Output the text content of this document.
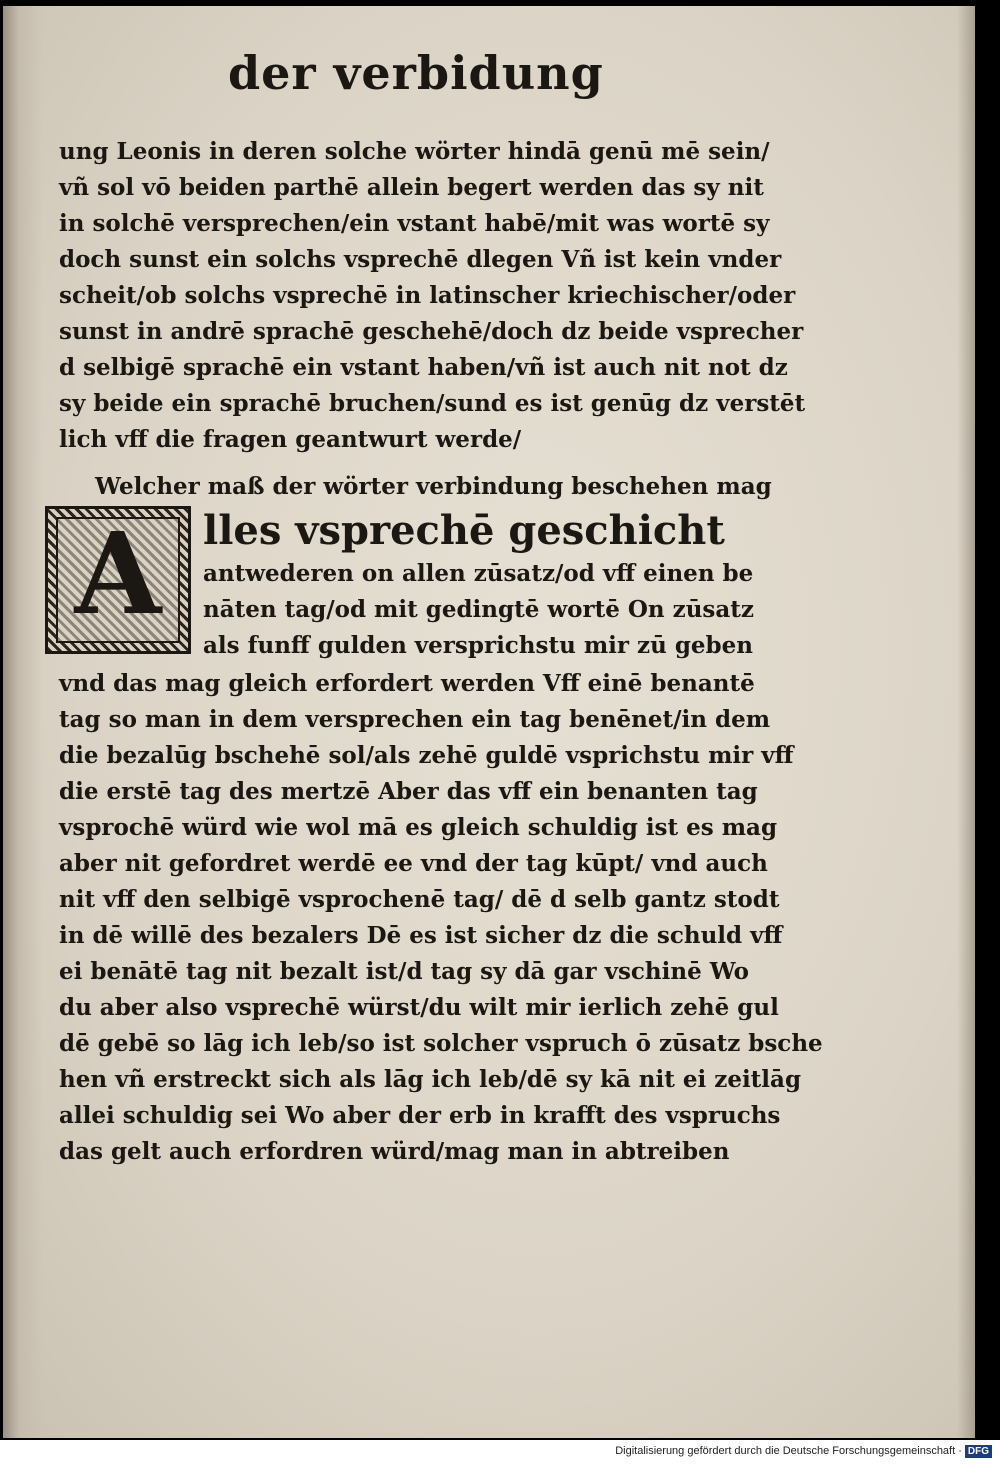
der verbidung
ung Leonis in deren solche wörter hindā genū mē sein/
vñ sol vō beiden parthē allein begert werden das sy nit
in solchē versprechen/ein vstant habē/mit was wortē sy
doch sunst ein solchs vsprechē dlegen Vñ ist kein vnder
scheit/ob solchs vsprechē in latinscher kriechischer/oder
sunst in andrē sprachē geschehē/doch dz beide vsprecher
d selbigē sprachē ein vstant haben/vñ ist auch nit not dz
sy beide ein sprachē bruchen/sund es ist genūg dz verstēt
lich vff die fragen geantwurt werde/
Welcher maß der wörter verbindung beschehen mag
A	lles vsprechē geschicht
antwederen on allen zūsatz/od vff einen be
nāten tag/od mit gedingtē wortē On zūsatz
als funff gulden versprichstu mir zū geben
vnd das mag gleich erfordert werden Vff einē benantē
tag so man in dem versprechen ein tag benēnet/in dem
die bezalūg bschehē sol/als zehē guldē vsprichstu mir vff
die erstē tag des mertzē Aber das vff ein benanten tag
vsprochē würd wie wol mā es gleich schuldig ist es mag
aber nit gefordret werdē ee vnd der tag kūpt/ vnd auch
nit vff den selbigē vsprochenē tag/ dē d selb gantz stodt
in dē willē des bezalers Dē es ist sicher dz die schuld vff
ei benātē tag nit bezalt ist/d tag sy dā gar vschinē Wo
du aber also vsprechē würst/du wilt mir ierlich zehē gul
dē gebē so lāg ich leb/so ist solcher vspruch ō zūsatz bsche
hen vñ erstreckt sich als lāg ich leb/dē sy kā nit ei zeitlāg
allei schuldig sei Wo aber der erb in krafft des vspruchs
das gelt auch erfordren würd/mag man in abtreiben
Digitalisierung gefördert durch die Deutsche Forschungsgemeinschaft · DFG
